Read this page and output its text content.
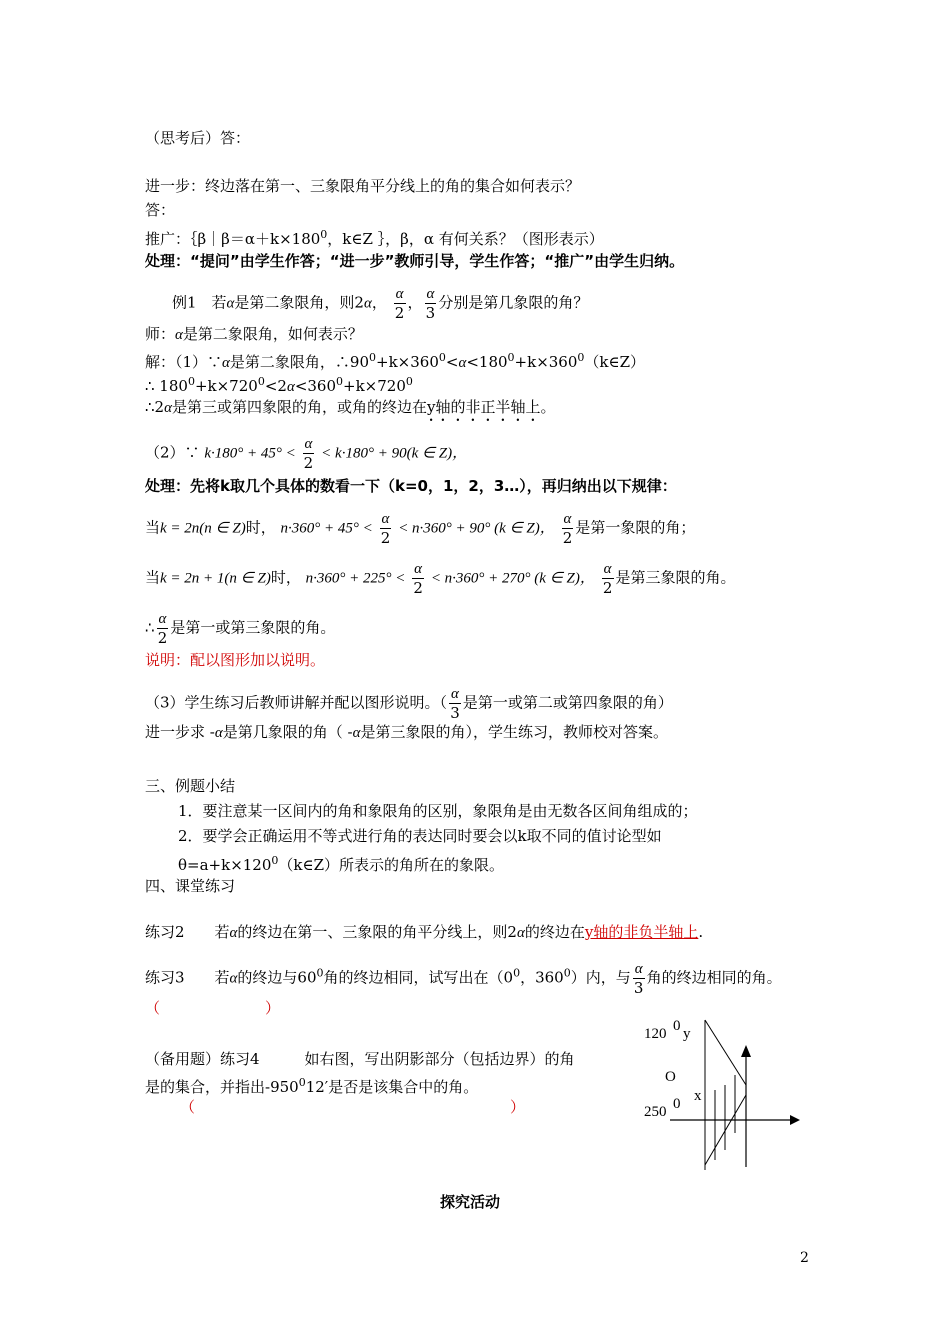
（思考后）答：
进一步：终边落在第一、三象限角平分线上的角的集合如何表示？
答：
推广：$\{\beta|\beta=\alpha+k\times 180^0$，k∈Z ｝，β，α 有何关系？（图形表示）
处理：“提问”由学生作答；“进一步”教师引导，学生作答；“推广”由学生归纳。
例1　若α是第二象限角，则2α， $\frac{\alpha}{2}$ ， $\frac{\alpha}{3}$ 分别是第几象限的角？
师：α是第二象限角，如何表示？
解：（1）∵α是第二象限角，$\therefore 90^0+k\times 360^0<\alpha<180^0+k\times 360^0(k\in Z)$
∴ $180^0+k\times 720^0<2\alpha<360^0+k\times 720^0$
∴2α是第三或第四象限的角，或角的终边在y轴的非正半轴上。
（2）∵ $k\cdot 180^\circ + 45^\circ < \frac{\alpha}{2} < k\cdot 180^\circ + 90(k$ ∈ Z)，
处理：先将k取几个具体的数看一下（k=0，1，2，3…），再归纳出以下规律：
当k = 2n(n ∈ Z)时， $n\cdot 360^\circ + 45^\circ < \frac{\alpha}{2} < n\cdot 360^\circ + 90^\circ$ (k ∈ Z)， $\frac{\alpha}{2}$ 是第一象限的角；
当k = 2n + 1(n ∈ Z)时， $n\cdot 360^\circ + 225^\circ < \frac{\alpha}{2} < n\cdot 360^\circ + 270^\circ$ (k ∈ Z)， $\frac{\alpha}{2}$ 是第三象限的角。
∴ $\frac{\alpha}{2}$ 是第一或第三象限的角。
说明：配以图形加以说明。
（3）学生练习后教师讲解并配以图形说明。（ $\frac{\alpha}{3}$ 是第一或第二或第四象限的角）
进一步求 -α是第几象限的角（ -α是第三象限的角），学生练习，教师校对答案。
三、例题小结
1．要注意某一区间内的角和象限角的区别，象限角是由无数各区间角组成的；
2．要学会正确运用不等式进行角的表达同时要会以k取不同的值讨论型如
$\theta=a+k\times 120^0(k\in Z)$所表示的角所在的象限。
四、课堂练习
练习2　　若α的终边在第一、三象限的角平分线上，则2α的终边在y轴的非负半轴上.
练习3　　若α的终边与$60^0$角的终边相同，试写出在（$0^0$，$360^0$）内，与 $\frac{\alpha}{3}$ 角的终边相同的角。
（　　　　　　　）
（备用题）练习4　　　如右图，写出阴影部分（包括边界）的角
是的集合，并指出$-950^012'$是否是该集合中的角。
（　　　　　　　　　　　　　　　　　　　　　）
120 0 y
O
x
250 0
探究活动
2
